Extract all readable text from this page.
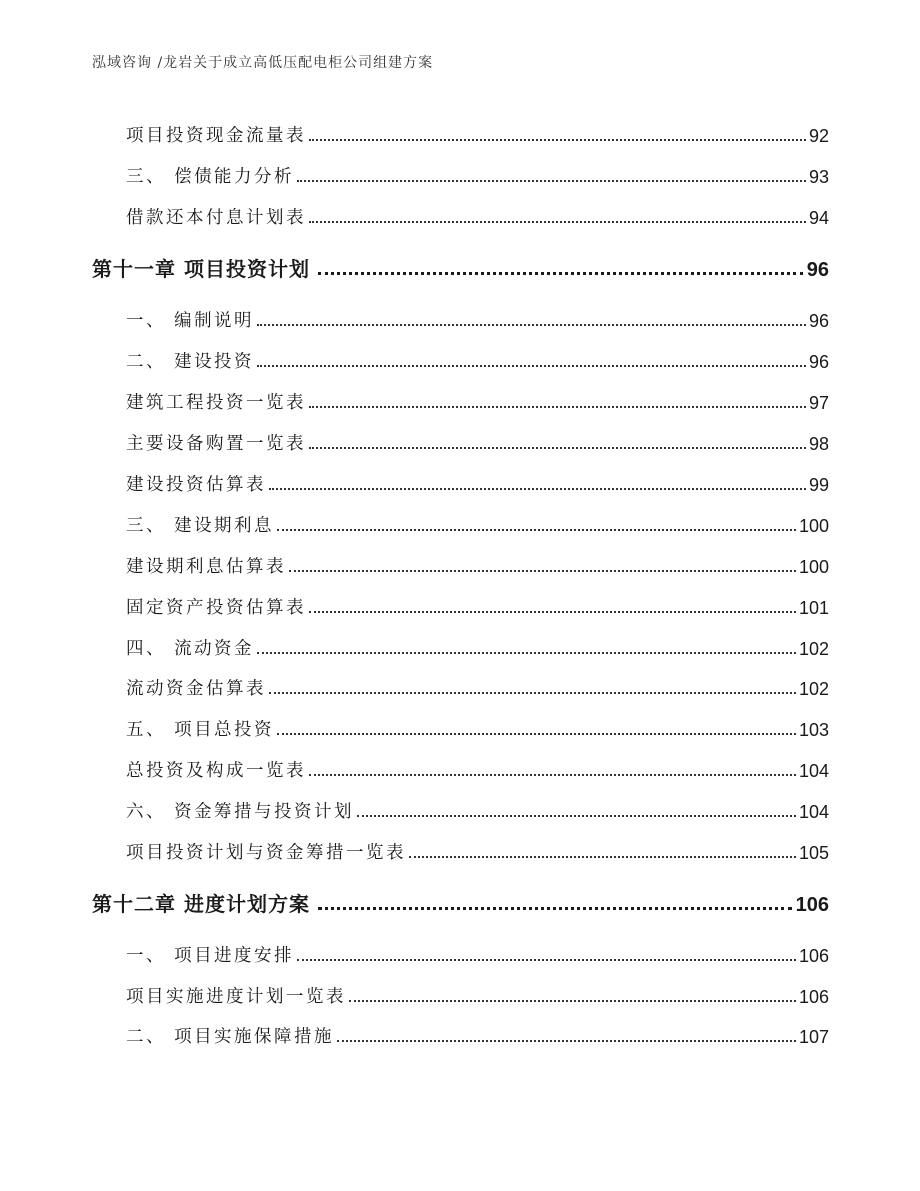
泓域咨询 /龙岩关于成立高低压配电柜公司组建方案
项目投资现金流量表	92
三、 偿债能力分析	93
借款还本付息计划表	94
第十一章 项目投资计划	96
一、 编制说明	96
二、 建设投资	96
建筑工程投资一览表	97
主要设备购置一览表	98
建设投资估算表	99
三、 建设期利息	100
建设期利息估算表	100
固定资产投资估算表	101
四、 流动资金	102
流动资金估算表	102
五、 项目总投资	103
总投资及构成一览表	104
六、 资金筹措与投资计划	104
项目投资计划与资金筹措一览表	105
第十二章 进度计划方案	106
一、 项目进度安排	106
项目实施进度计划一览表	106
二、 项目实施保障措施	107
